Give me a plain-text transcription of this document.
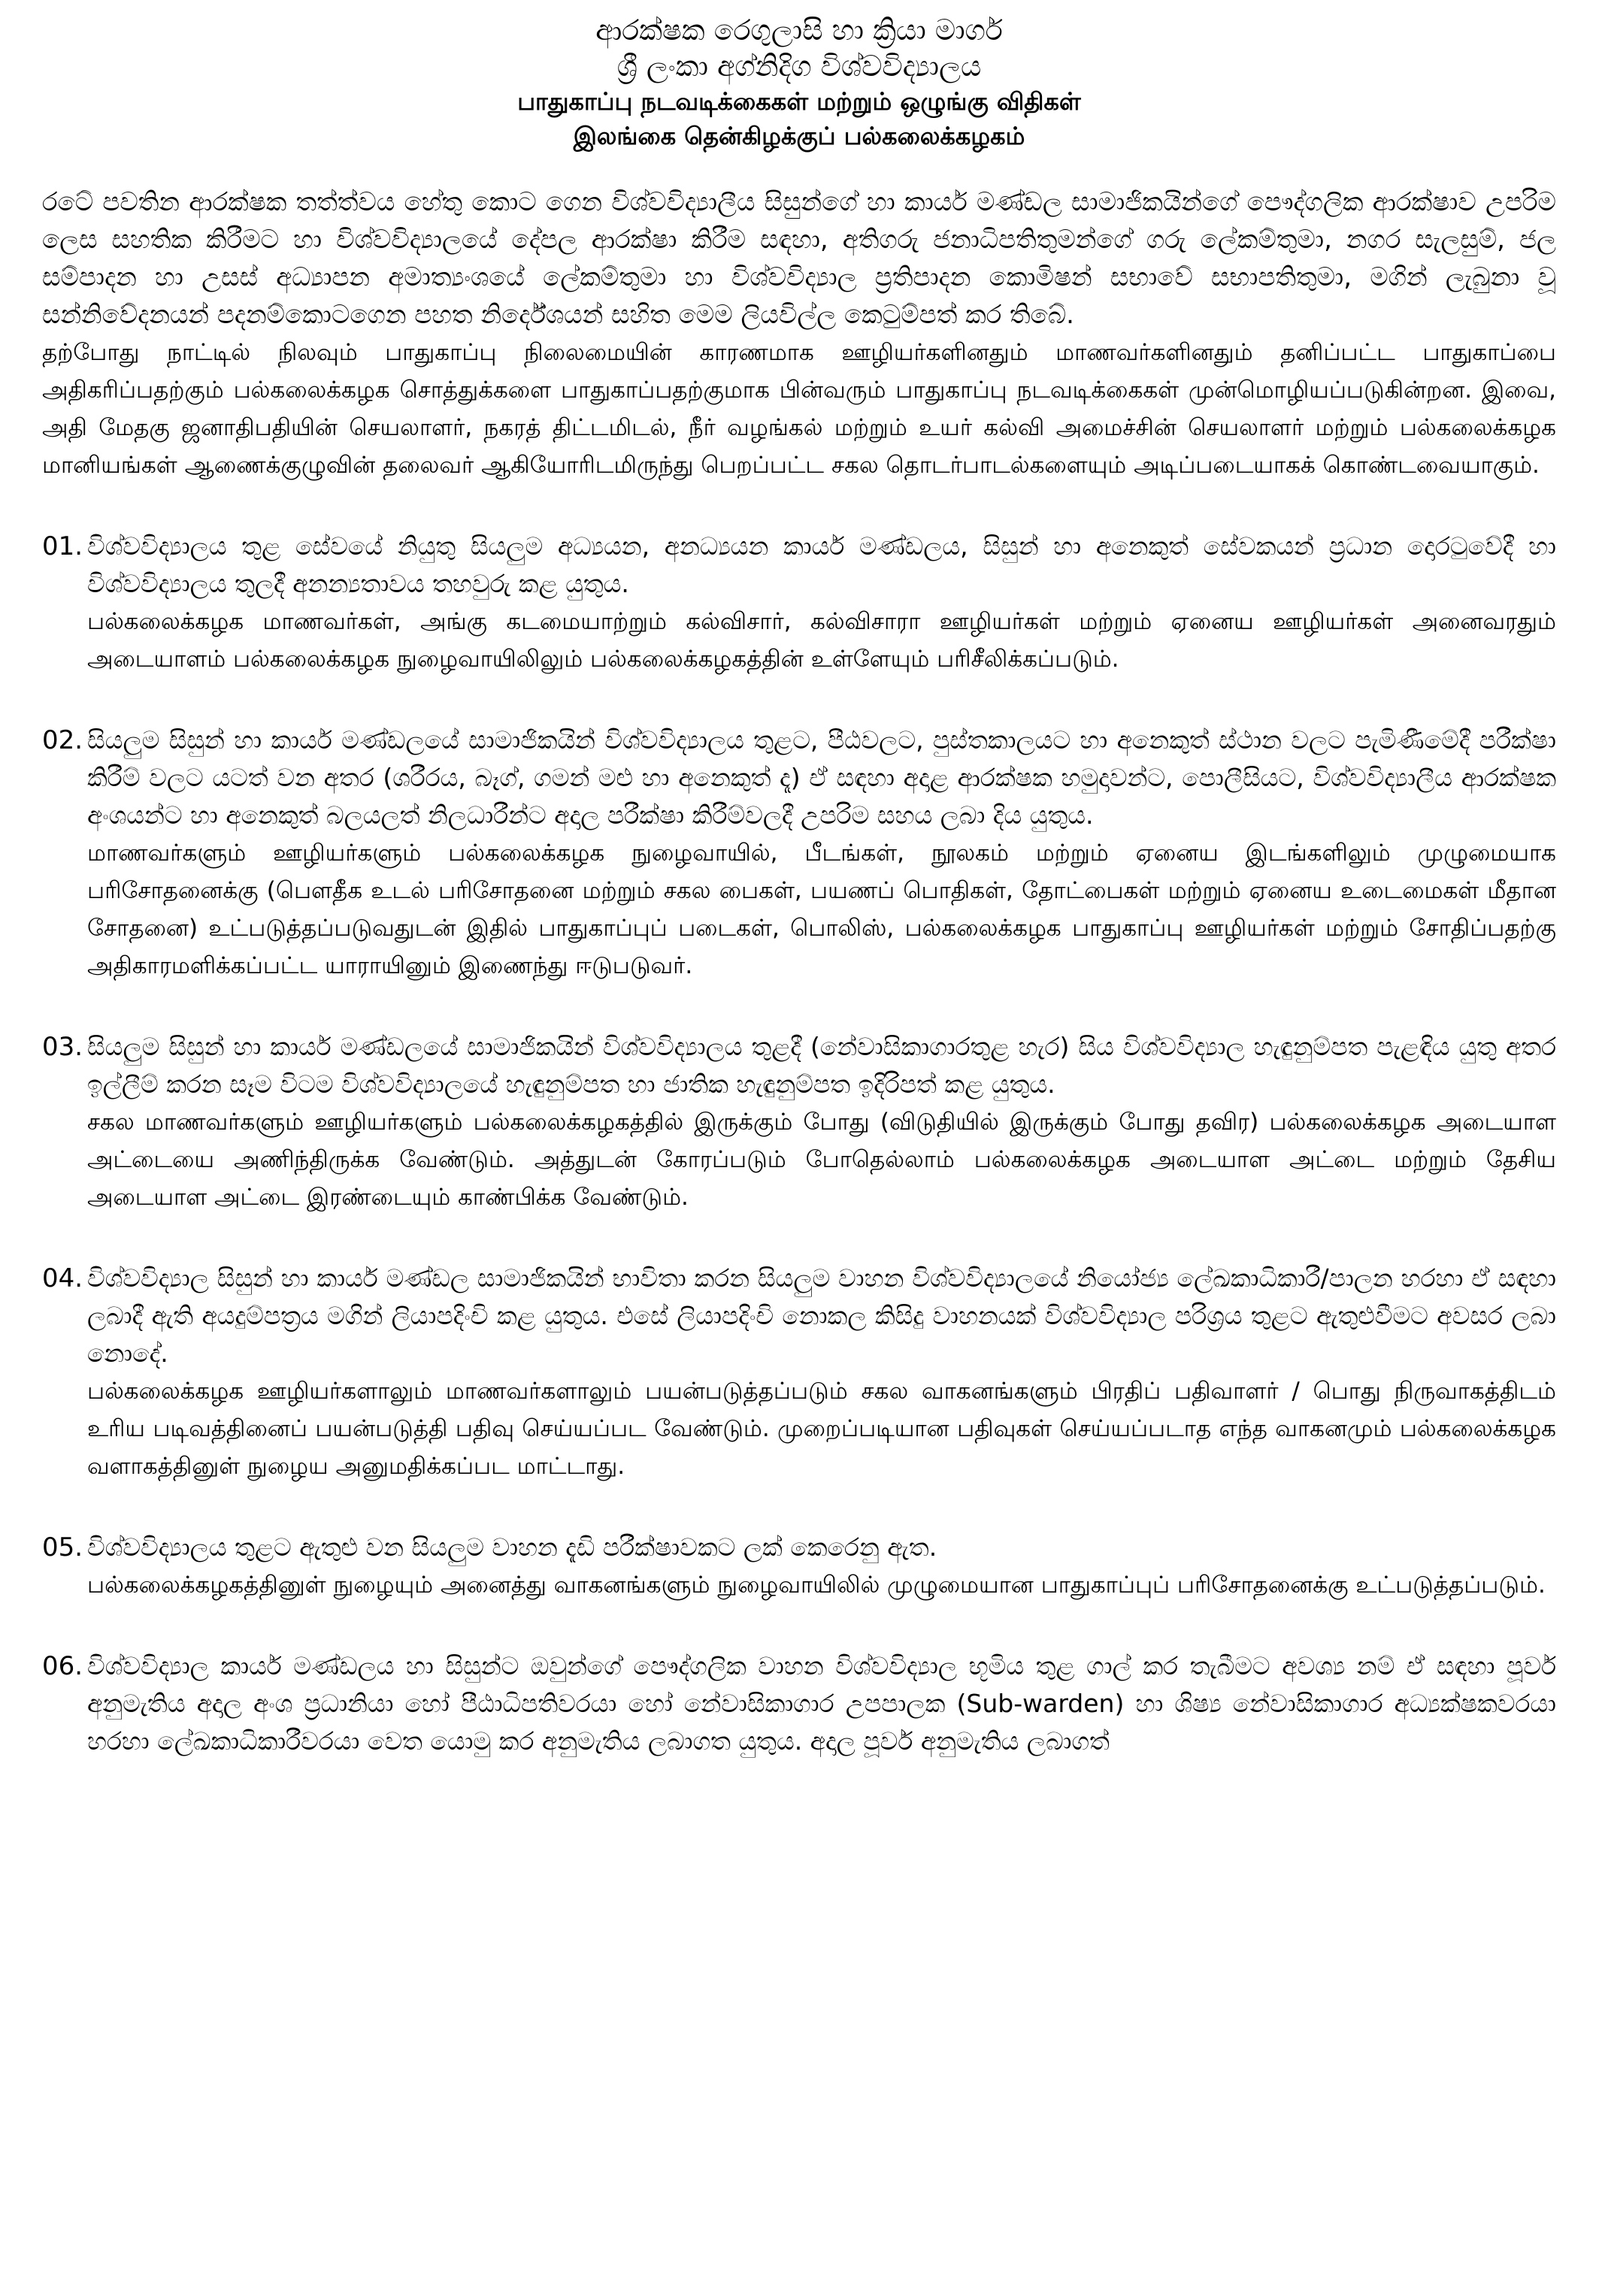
ආරක්ෂක රෙගුලාසි හා ක්‍රියා මාර්ග
ශ්‍රී ලංකා අග්නිදිග විශ්වවිද්‍යාලය
பாதுகாப்பு நடவடிக்கைகள் மற்றும் ஒழுங்கு விதிகள்
இலங்கை தென்கிழக்குப் பல்கலைக்கழகம்

රටේ පවතින ආරක්ෂක තත්ත්වය හේතු කොට ගෙන විශ්වවිද්‍යාලීය සිසුන්ගේ හා කාර්ය මණ්ඩල සාමාජිකයින්ගේ පෞද්ගලික ආරක්ෂාව උපරිම ලෙස සහතික කිරීමට හා විශ්වවිද්‍යාලයේ දේපල ආරක්ෂා කිරීම සඳහා, අතිගරු ජනාධිපතිතුමන්ගේ ගරු ලේකම්තුමා, නගර සැලසුම්, ජල සම්පාදන හා උසස් අධ්‍යාපන අමාත්‍යංශයේ ලේකම්තුමා හා විශ්වවිද්‍යාල ප්‍රතිපාදන කොමිෂන් සභාවේ සභාපතිතුමා, මගින් ලැබුනා වූ සන්නිවේදනයන් පදනම්කොටගෙන පහත නිර්දේශයන් සහිත මෙම ලියවිල්ල කෙටුම්පත් කර තිබේ.

தற்போது நாட்டில் நிலவும் பாதுகாப்பு நிலைமையின் காரணமாக ஊழியர்களினதும் மாணவர்களினதும் தனிப்பட்ட பாதுகாப்பை அதிகரிப்பதற்கும் பல்கலைக்கழக சொத்துக்களை பாதுகாப்பதற்குமாக பின்வரும் பாதுகாப்பு நடவடிக்கைகள் முன்மொழியப்படுகின்றன. இவை, அதி மேதகு ஜனாதிபதியின் செயலாளர், நகரத் திட்டமிடல், நீர் வழங்கல் மற்றும் உயர் கல்வி அமைச்சின் செயலாளர் மற்றும் பல்கலைக்கழக மானியங்கள் ஆணைக்குழுவின் தலைவர் ஆகியோரிடமிருந்து பெறப்பட்ட சகல தொடர்பாடல்களையும் அடிப்படையாகக் கொண்டவையாகும்.

01. විශ්වවිද්‍යාලය තුළ සේවයේ නියුතු සියලුම අධ්‍යයන, අනධ්‍යයන කාර්ය මණ්ඩලය, සිසුන් හා අනෙකුත් සේවකයන් ප්‍රධාන දොරටුවේදී හා විශ්වවිද්‍යාලය තුලදී අනන්‍යතාවය තහවුරු කළ යුතුය.

பல்கலைக்கழக மாணவர்கள், அங்கு கடமையாற்றும் கல்விசார், கல்விசாரா ஊழியர்கள் மற்றும் ஏனைய ஊழியர்கள் அனைவரதும் அடையாளம் பல்கலைக்கழக நுழைவாயிலிலும் பல்கலைக்கழகத்தின் உள்ளேயும் பரிசீலிக்கப்படும்.

02. සියලුම සිසුන් හා කාර්ය මණ්ඩලයේ සාමාජිකයින් විශ්වවිද්‍යාලය තුළට, පීඨවලට, පුස්තකාලයට හා අනෙකුත් ස්ථාන වලට පැමිණීමේදී පරීක්ෂා කිරීම් වලට යටත් වන අතර (ශරීරය, බෑග්, ගමන් මළු හා අනෙකුත් දෑ) ඒ සඳහා අදාළ ආරක්ෂක හමුදාවන්ට, පොලීසියට, විශ්වවිද්‍යාලීය ආරක්ෂක අංශයන්ට හා අනෙකුත් බලයලත් නිලධාරීන්ට අදාල පරීක්ෂා කිරීම්වලදී උපරිම සහය ලබා දිය යුතුය.

மாணவர்களும் ஊழியர்களும் பல்கலைக்கழக நுழைவாயில், பீடங்கள், நூலகம் மற்றும் ஏனைய இடங்களிலும் முழுமையாக பரிசோதனைக்கு (பௌதீக உடல் பரிசோதனை மற்றும் சகல பைகள், பயணப் பொதிகள், தோட்பைகள் மற்றும் ஏனைய உடைமைகள் மீதான சோதனை) உட்படுத்தப்படுவதுடன் இதில் பாதுகாப்புப் படைகள், பொலிஸ், பல்கலைக்கழக பாதுகாப்பு ஊழியர்கள் மற்றும் சோதிப்பதற்கு அதிகாரமளிக்கப்பட்ட யாராயினும் இணைந்து ஈடுபடுவர்.

03. සියලුම සිසුන් හා කාර්ය මණ්ඩලයේ සාමාජිකයින් විශ්වවිද්‍යාලය තුළදී (නේවාසිකාගාරතුළ හැර) සිය විශ්වවිද්‍යාල හැඳුනුම්පත පැළඳිය යුතු අතර ඉල්ලීම් කරන සෑම විටම විශ්වවිද්‍යාලයේ හැඳුනුම්පත හා ජාතික හැඳුනුම්පත ඉදිරිපත් කළ යුතුය.

சகல மாணவர்களும் ஊழியர்களும் பல்கலைக்கழகத்தில் இருக்கும் போது (விடுதியில் இருக்கும் போது தவிர) பல்கலைக்கழக அடையாள அட்டையை அணிந்திருக்க வேண்டும். அத்துடன் கோரப்படும் போதெல்லாம் பல்கலைக்கழக அடையாள அட்டை மற்றும் தேசிய அடையாள அட்டை இரண்டையும் காண்பிக்க வேண்டும்.

04. විශ්වවිද්‍යාල සිසුන් හා කාර්ය මණ්ඩල සාමාජිකයින් භාවිතා කරන සියලුම වාහන විශ්වවිද්‍යාලයේ නියෝජ්‍ය ලේඛකාධිකාරී/පාලන හරහා ඒ සඳහා ලබාදී ඇති අයදුම්පත්‍රය මගින් ලියාපදිංචි කළ යුතුය. එසේ ලියාපදිංචි නොකල කිසිදු වාහනයක් විශ්වවිද්‍යාල පරිශ්‍රය තුළට ඇතුළුවීමට අවසර ලබා නොදේ.

பல்கலைக்கழக ஊழியர்களாலும் மாணவர்களாலும் பயன்படுத்தப்படும் சகல வாகனங்களும் பிரதிப் பதிவாளர் / பொது நிருவாகத்திடம் உரிய படிவத்தினைப் பயன்படுத்தி பதிவு செய்யப்பட வேண்டும். முறைப்படியான பதிவுகள் செய்யப்படாத எந்த வாகனமும் பல்கலைக்கழக வளாகத்தினுள் நுழைய அனுமதிக்கப்பட மாட்டாது.

05. විශ්වවිද්‍යාලය තුළට ඇතුළු වන සියලුම වාහන දැඩි පරීක්ෂාවකට ලක් කෙරෙනු ඇත.

பல்கலைக்கழகத்தினுள் நுழையும் அனைத்து வாகனங்களும் நுழைவாயிலில் முழுமையான பாதுகாப்புப் பரிசோதனைக்கு உட்படுத்தப்படும்.

06. විශ්වවිද්‍යාල කාර්ය මණ්ඩලය හා සිසුන්ට ඔවුන්ගේ පෞද්ගලික වාහන විශ්වවිද්‍යාල භූමිය තුළ ගාල් කර තැබීමට අවශ්‍ය නම් ඒ සඳහා පූර්ව අනුමැතිය අදාල අංශ ප්‍රධානියා හෝ පීඨාධිපතිවරයා හෝ නේවාසිකාගාර උපපාලක (Sub-warden) හා ශිෂ්‍ය නේවාසිකාගාර අධ්‍යක්ෂකවරයා හරහා ලේඛකාධිකාරීවරයා වෙත යොමු කර අනුමැතිය ලබාගත යුතුය. අදාල පූර්ව අනුමැතිය ලබාගත්
